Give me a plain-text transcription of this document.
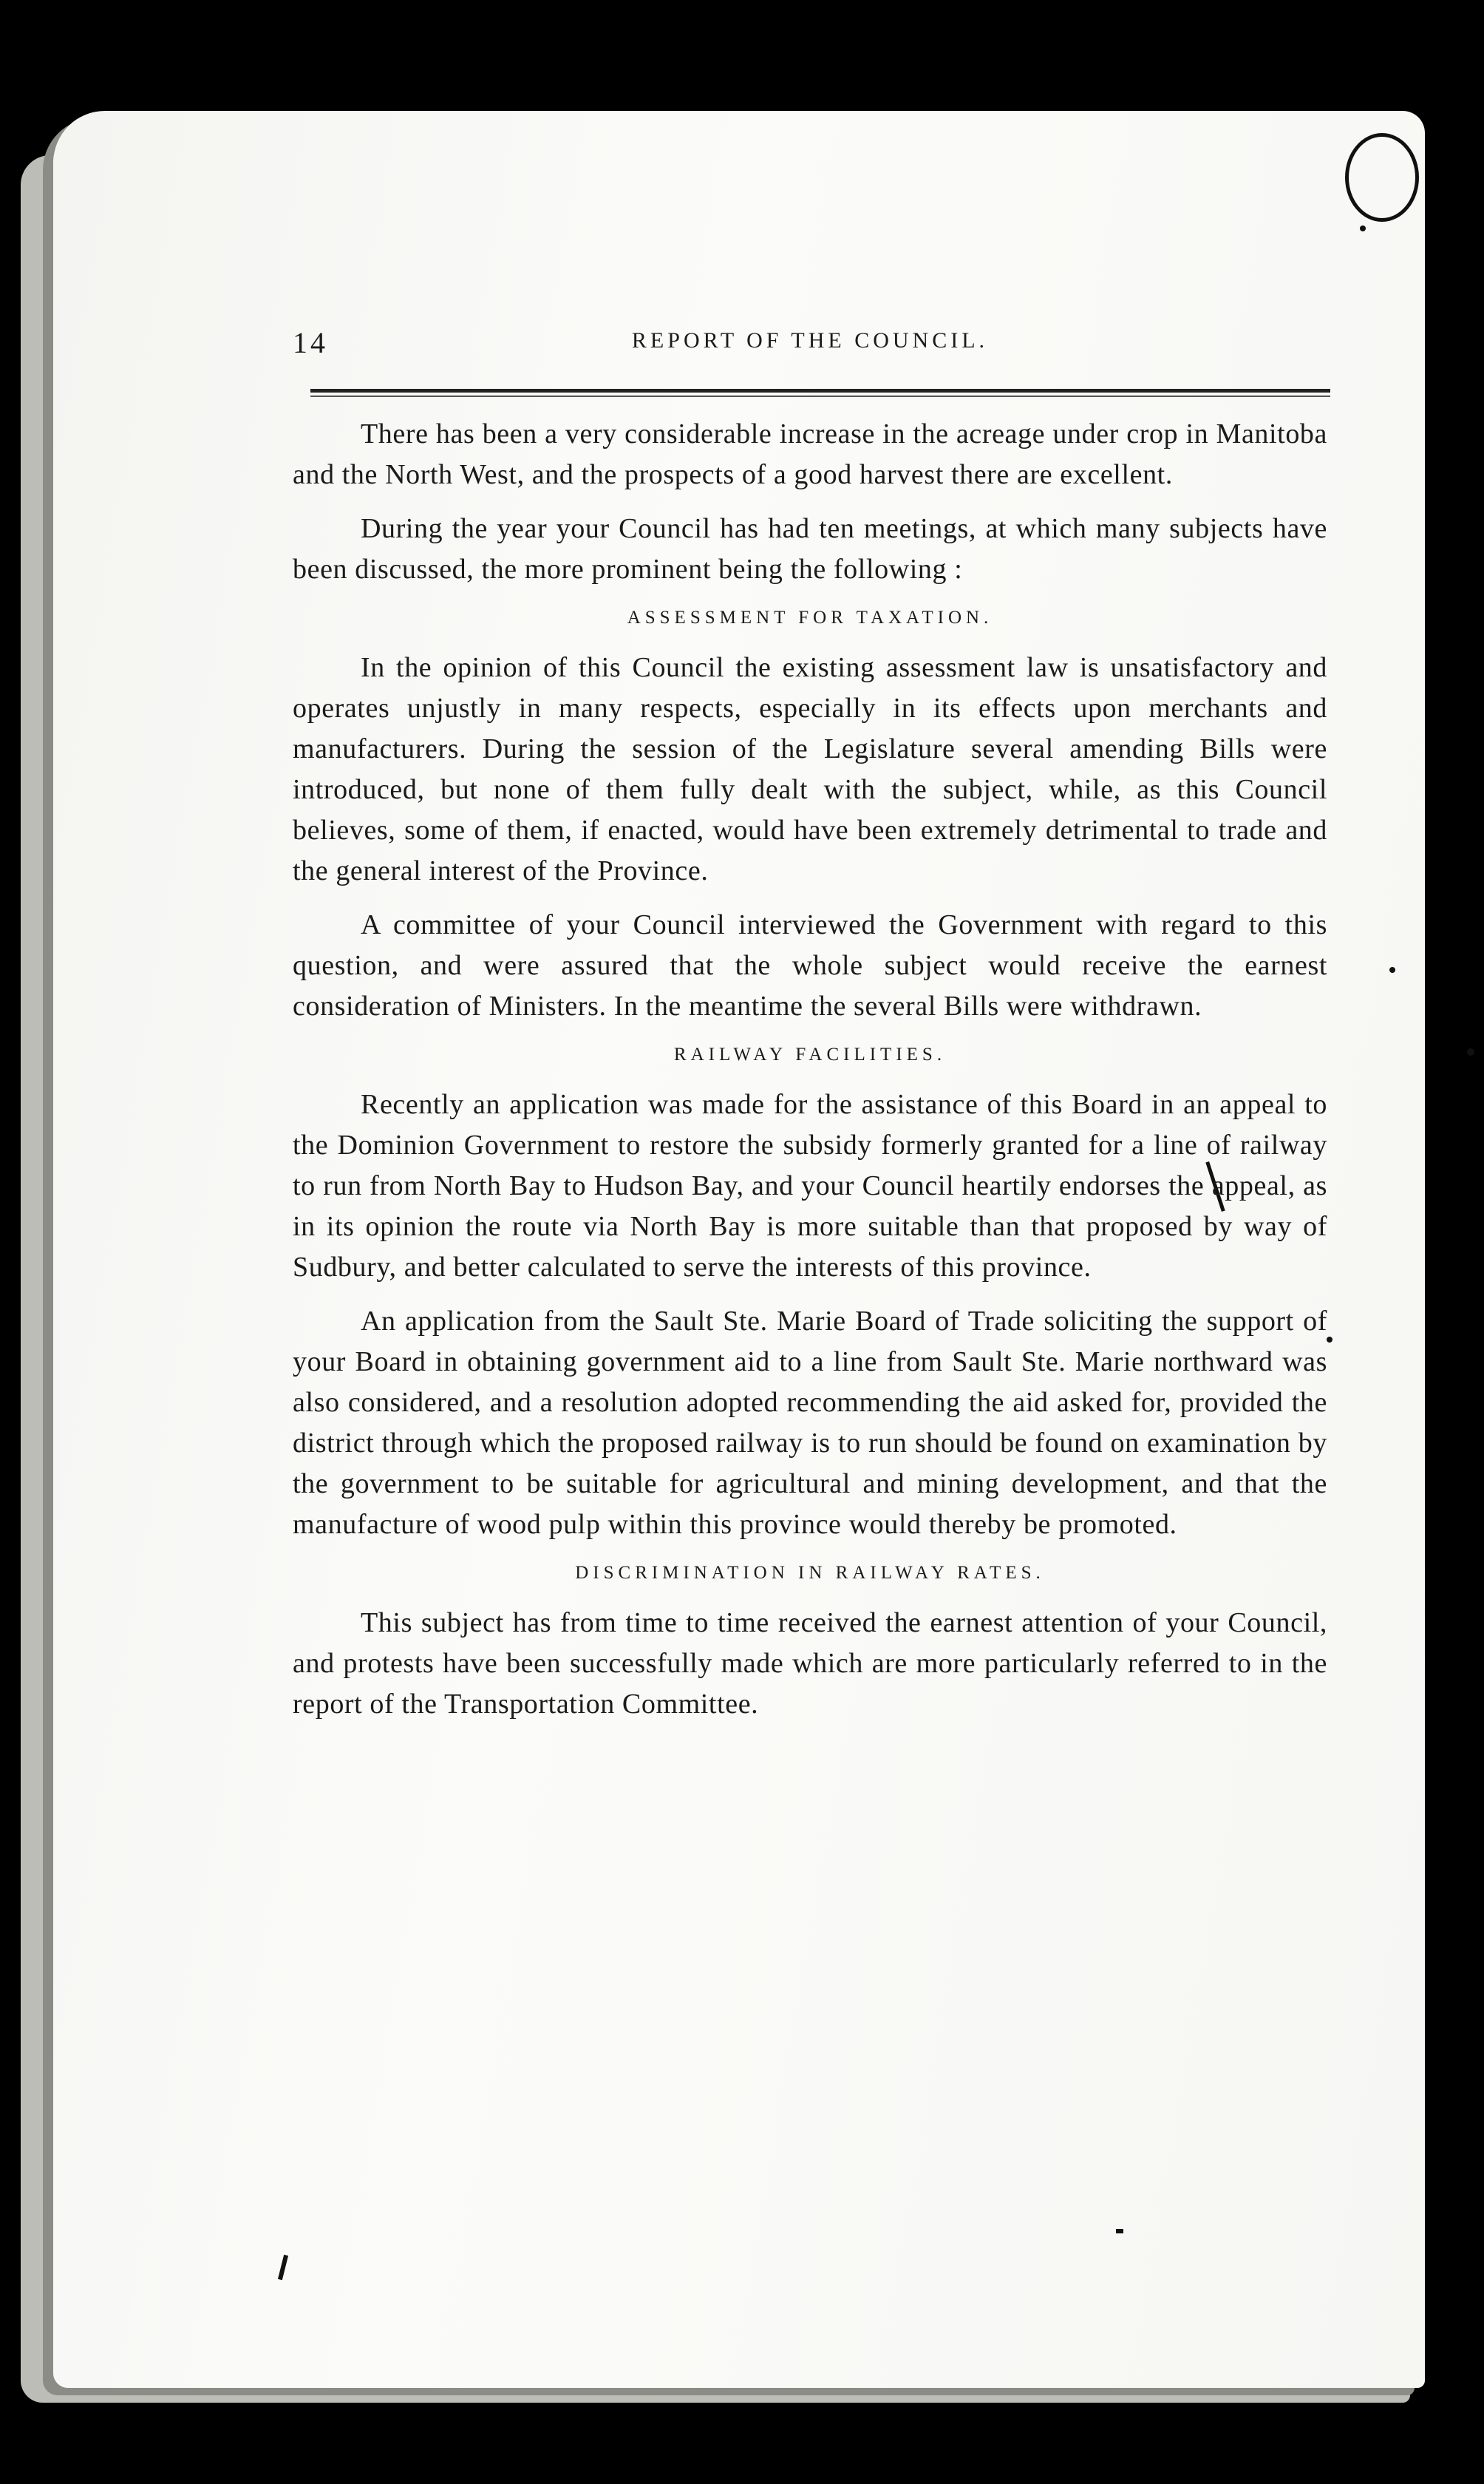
14	REPORT OF THE COUNCIL.

There has been a very considerable increase in the acreage under crop in Manitoba and the North West, and the prospects of a good harvest there are excellent.

During the year your Council has had ten meetings, at which many subjects have been discussed, the more prominent being the following :

ASSESSMENT FOR TAXATION.

In the opinion of this Council the existing assessment law is unsatisfactory and operates unjustly in many respects, especially in its effects upon merchants and manufacturers. During the session of the Legislature several amending Bills were introduced, but none of them fully dealt with the subject, while, as this Council believes, some of them, if enacted, would have been extremely detrimental to trade and the general interest of the Province.

A committee of your Council interviewed the Government with regard to this question, and were assured that the whole subject would receive the earnest consideration of Ministers. In the meantime the several Bills were withdrawn.

RAILWAY FACILITIES.

Recently an application was made for the assistance of this Board in an appeal to the Dominion Government to restore the subsidy formerly granted for a line of railway to run from North Bay to Hudson Bay, and your Council heartily endorses the appeal, as in its opinion the route via North Bay is more suitable than that proposed by way of Sudbury, and better calculated to serve the interests of this province.

An application from the Sault Ste. Marie Board of Trade soliciting the support of your Board in obtaining government aid to a line from Sault Ste. Marie northward was also considered, and a resolution adopted recommending the aid asked for, provided the district through which the proposed railway is to run should be found on examination by the government to be suitable for agricultural and mining development, and that the manufacture of wood pulp within this province would thereby be promoted.

DISCRIMINATION IN RAILWAY RATES.

This subject has from time to time received the earnest attention of your Council, and protests have been successfully made which are more particularly referred to in the report of the Transportation Committee.
